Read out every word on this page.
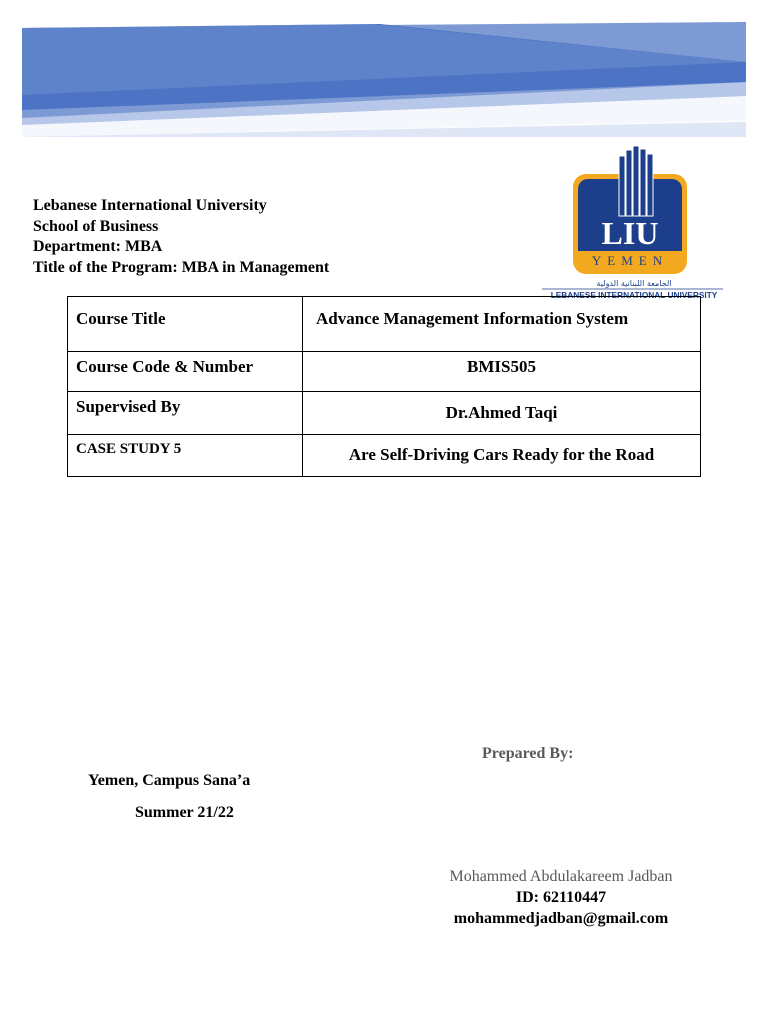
LIU
YEMEN
الجامعة اللبنانية الدولية
LEBANESE INTERNATIONAL UNIVERSITY
Lebanese International University
School of Business
Department: MBA
Title of the Program: MBA in Management
Course Title	Advance Management Information System
Course Code & Number	BMIS505
Supervised By	Dr.Ahmed Taqi
CASE STUDY 5	Are Self-Driving Cars Ready for the Road
Prepared By:
Yemen, Campus Sana’a
Summer 21/22
Mohammed Abdulakareem Jadban
ID: 62110447
mohammedjadban@gmail.com
